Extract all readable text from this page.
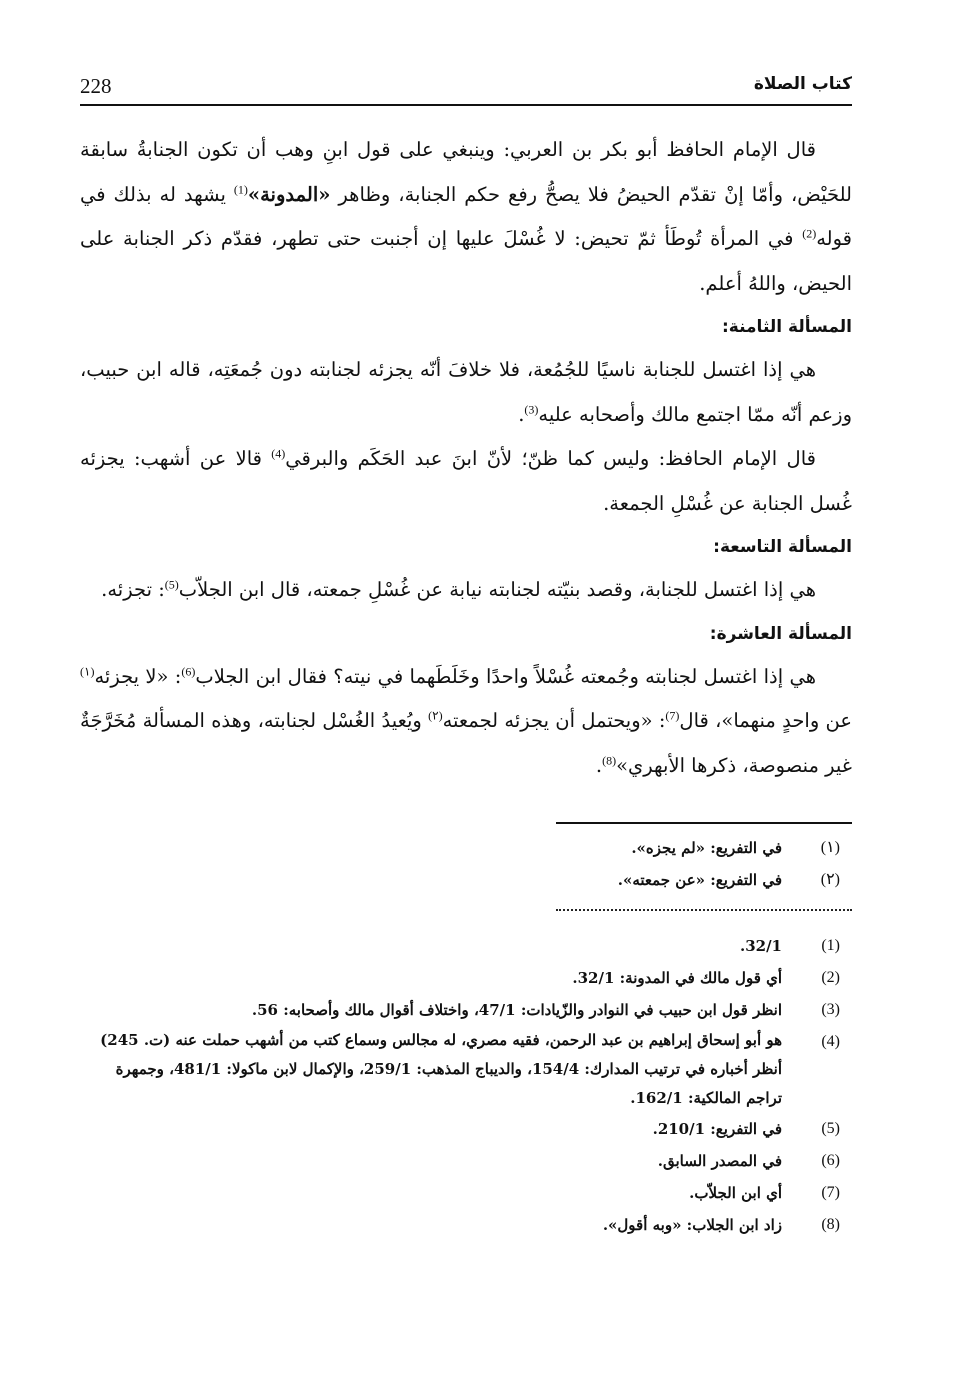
228	كتاب الصلاة

قال الإمام الحافظ أبو بكر بن العربي: وينبغي على قول ابنِ وهب أن تكون الجنابةُ سابقة للحَيْض، وأمّا إنْ تقدّم الحيضُ فلا يصحُّ رفع حكم الجنابة، وظاهر «المدونة»$^{(1)}$ يشهد له بذلك في قوله$^{(2)}$ في المرأة تُوطَأ ثمّ تحيض: لا غُسْلَ عليها إن أجنبت حتى تطهر، فقدّم ذكر الجنابة على الحيض، واللهُ أعلم.

المسألة الثامنة:

هي إذا اغتسل للجنابة ناسيًا للجُمُعة، فلا خلافَ أنّه يجزئه لجنابته دون جُمعَتِه، قاله ابن حبيب، وزعم أنّه ممّا اجتمع مالك وأصحابه عليه$^{(3)}$.

قال الإمام الحافظ: وليس كما ظنّ؛ لأنّ ابنَ عبد الحَكَم والبرقي$^{(4)}$ قالا عن أشهب: يجزئه غُسل الجنابة عن غُسْلِ الجمعة.

المسألة التاسعة:

هي إذا اغتسل للجنابة، وقصد بنيّته لجنابته نيابة عن غُسْلِ جمعته، قال ابن الجلاّب$^{(5)}$: تجزئه.

المسألة العاشرة:

هي إذا اغتسل لجنابته وجُمعته غُسْلاً واحدًا وخَلَطَهما في نيته؟ فقال ابن الجلاب$^{(6)}$: «لا يجزئه$^{(١)}$ عن واحدٍ منهما»، قال$^{(7)}$: «ويحتمل أن يجزئه لجمعته$^{(٢)}$ ويُعيدُ الغُسْل لجنابته، وهذه المسألة مُخَرَّجَةٌ غير منصوصة، ذكرها الأبهري»$^{(8)}$.

(١)
في التفريع: «لم يجزه».
(٢)
في التفريع: «عن جمعته».
(1)
32/1.
(2)
أي قول مالك في المدونة: 32/1.
(3)
انظر قول ابن حبيب في النوادر والزّيادات: 47/1، واختلاف أقوال مالك وأصحابه: 56.
(4)
هو أبو إسحاق إبراهيم بن عبد الرحمن، فقيه مصري، له مجالس وسماع كتب من أشهب حملت عنه (ت. 245) أنظر أخباره في ترتيب المدارك: 154/4، والديباج المذهب: 259/1، والإكمال لابن ماكولا: 481/1، وجمهرة تراجم المالكية: 162/1.
(5)
في التفريع: 210/1.
(6)
في المصدر السابق.
(7)
أي ابن الجلاّب.
(8)
زاد ابن الجلاب: «وبه أقول».
